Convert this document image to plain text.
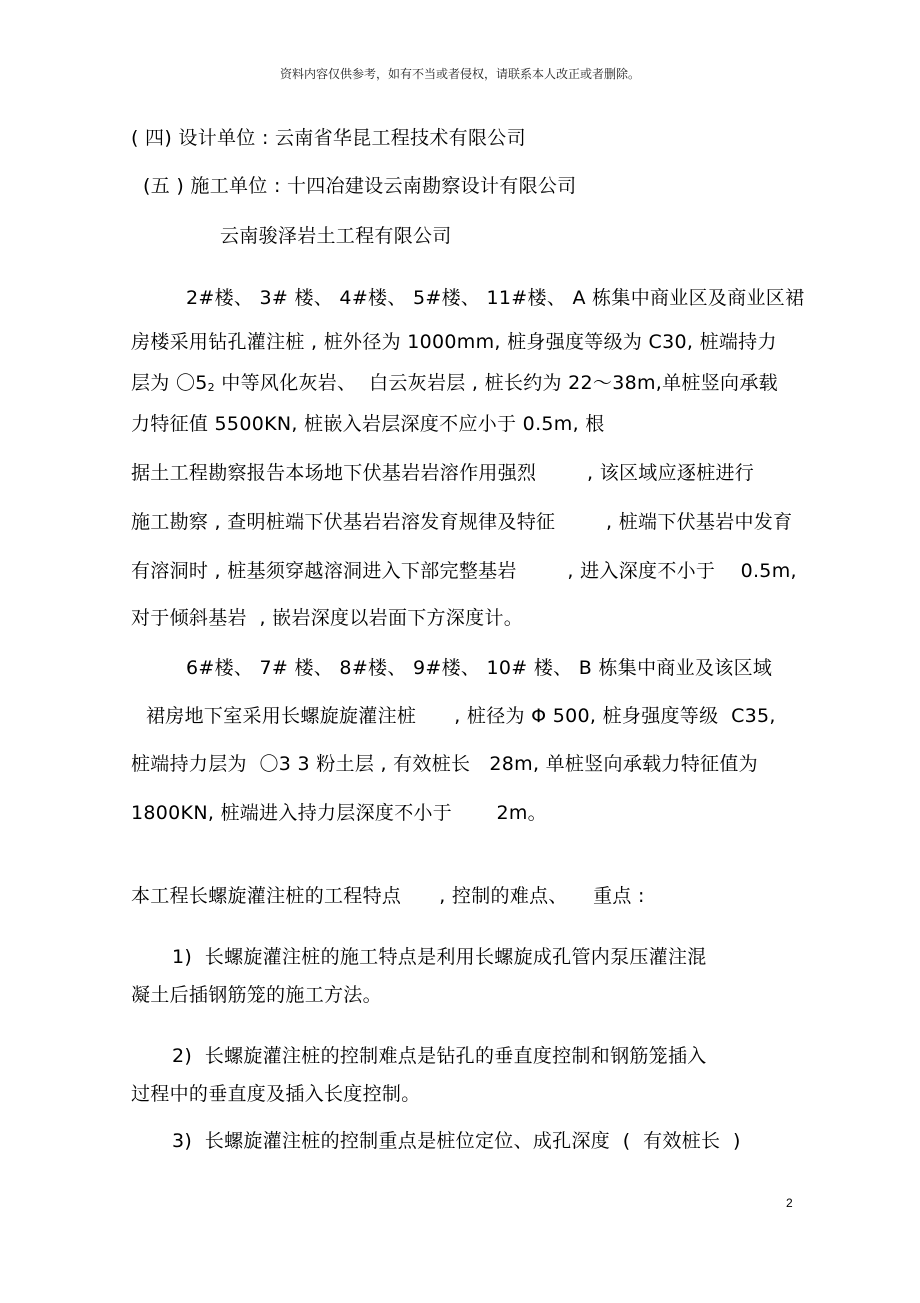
资料内容仅供参考，如有不当或者侵权，请联系本人改正或者删除。
( 四) 设计单位 : 云南省华昆工程技术有限公司
(五 ) 施工单位 : 十四冶建设云南勘察设计有限公司
云南骏泽岩土工程有限公司
2#楼、 3# 楼、 4#楼、 5#楼、 11#楼、 A 栋集中商业区及商业区裙
房楼采用钻孔灌注桩 , 桩外径为 1000mm, 桩身强度等级为 C30, 桩端持力
层为 〇$5_2$ 中等风化灰岩、  白云灰岩层 , 桩长约为 22～38m,单桩竖向承载
力特征值 5500KN, 桩嵌入岩层深度不应小于 0.5m, 根
据土工程勘察报告本场地下伏基岩岩溶作用强烈        , 该区域应逐桩进行
施工勘察 , 查明桩端下伏基岩岩溶发育规律及特征        , 桩端下伏基岩中发育
有溶洞时 , 桩基须穿越溶洞进入下部完整基岩        , 进入深度不小于    0.5m,
对于倾斜基岩  , 嵌岩深度以岩面下方深度计。
6#楼、 7# 楼、 8#楼、 9#楼、 10# 楼、 B 栋集中商业及该区域
裙房地下室采用长螺旋旋灌注桩      , 桩径为 Φ 500, 桩身强度等级  C35,
桩端持力层为  〇3 3 粉土层 , 有效桩长   28m, 单桩竖向承载力特征值为
1800KN, 桩端进入持力层深度不小于       2m。
本工程长螺旋灌注桩的工程特点      , 控制的难点、    重点 :
1)  长螺旋灌注桩的施工特点是利用长螺旋成孔管内泵压灌注混
凝土后插钢筋笼的施工方法。
2)  长螺旋灌注桩的控制难点是钻孔的垂直度控制和钢筋笼插入
过程中的垂直度及插入长度控制。
3)  长螺旋灌注桩的控制重点是桩位定位、成孔深度  (  有效桩长  )
2
